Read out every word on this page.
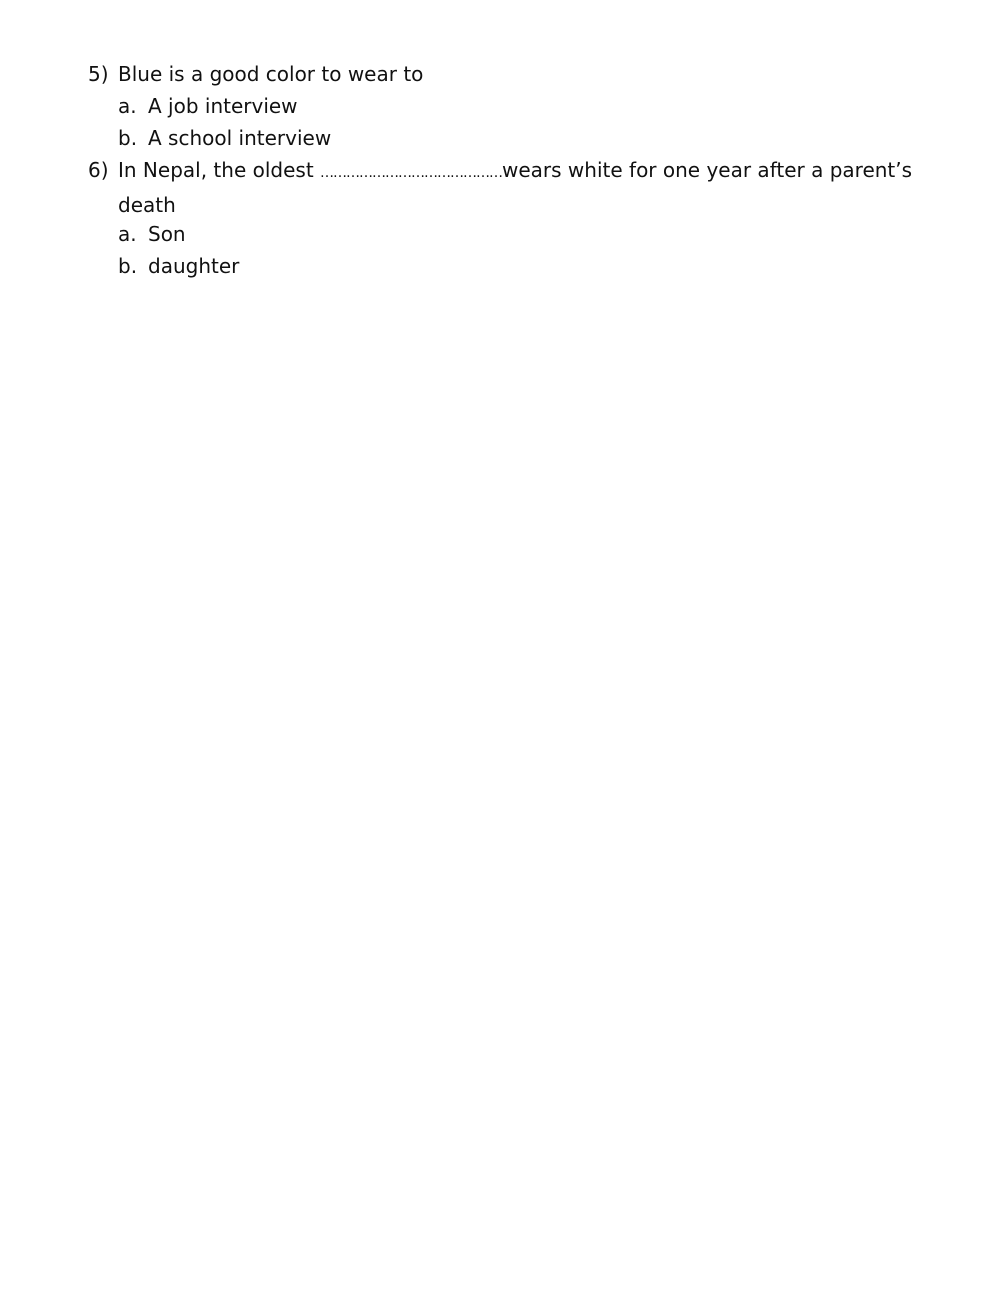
5) Blue is a good color to wear to
a. A job interview
b. A school interview
6) In Nepal, the oldest ……………………………………wears white for one year after a parent’s death
a. Son
b. daughter
